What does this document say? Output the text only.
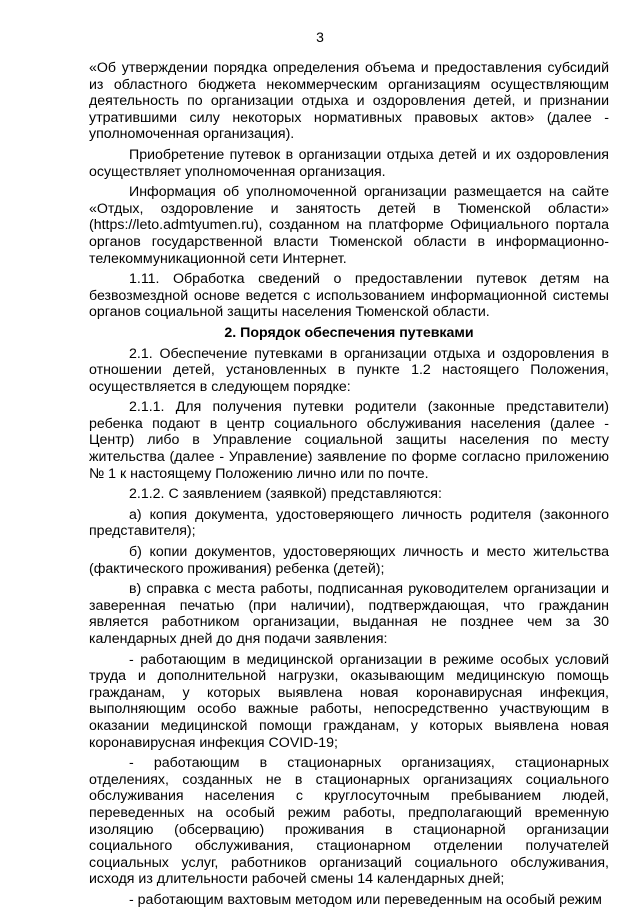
3

«Об утверждении порядка определения объема и предоставления субсидий из областного бюджета некоммерческим организациям осуществляющим деятельность по организации отдыха и оздоровления детей, и признании утратившими силу некоторых нормативных правовых актов» (далее - уполномоченная организация).

Приобретение путевок в организации отдыха детей и их оздоровления осуществляет уполномоченная организация.

Информация об уполномоченной организации размещается на сайте «Отдых, оздоровление и занятость детей в Тюменской области» (https://leto.admtyumen.ru), созданном на платформе Официального портала органов государственной власти Тюменской области в информационно-телекоммуникационной сети Интернет.

1.11. Обработка сведений о предоставлении путевок детям на безвозмездной основе ведется с использованием информационной системы органов социальной защиты населения Тюменской области.

2. Порядок обеспечения путевками

2.1. Обеспечение путевками в организации отдыха и оздоровления в отношении детей, установленных в пункте 1.2 настоящего Положения, осуществляется в следующем порядке:

2.1.1. Для получения путевки родители (законные представители) ребенка подают в центр социального обслуживания населения (далее - Центр) либо в Управление социальной защиты населения по месту жительства (далее - Управление) заявление по форме согласно приложению № 1 к настоящему Положению лично или по почте.

2.1.2. С заявлением (заявкой) представляются:

а) копия документа, удостоверяющего личность родителя (законного представителя);

б) копии документов, удостоверяющих личность и место жительства (фактического проживания) ребенка (детей);

в) справка с места работы, подписанная руководителем организации и заверенная печатью (при наличии), подтверждающая, что гражданин является работником организации, выданная не позднее чем за 30 календарных дней до дня подачи заявления:

- работающим в медицинской организации в режиме особых условий труда и дополнительной нагрузки, оказывающим медицинскую помощь гражданам, у которых выявлена новая коронавирусная инфекция, выполняющим особо важные работы, непосредственно участвующим в оказании медицинской помощи гражданам, у которых выявлена новая коронавирусная инфекция COVID-19;

- работающим в стационарных организациях, стационарных отделениях, созданных не в стационарных организациях социального обслуживания населения с круглосуточным пребыванием людей, переведенных на особый режим работы, предполагающий временную изоляцию (обсервацию) проживания в стационарной организации социального обслуживания, стационарном отделении получателей социальных услуг, работников организаций социального обслуживания, исходя из длительности рабочей смены 14 календарных дней;

- работающим вахтовым методом или переведенным на особый режим
